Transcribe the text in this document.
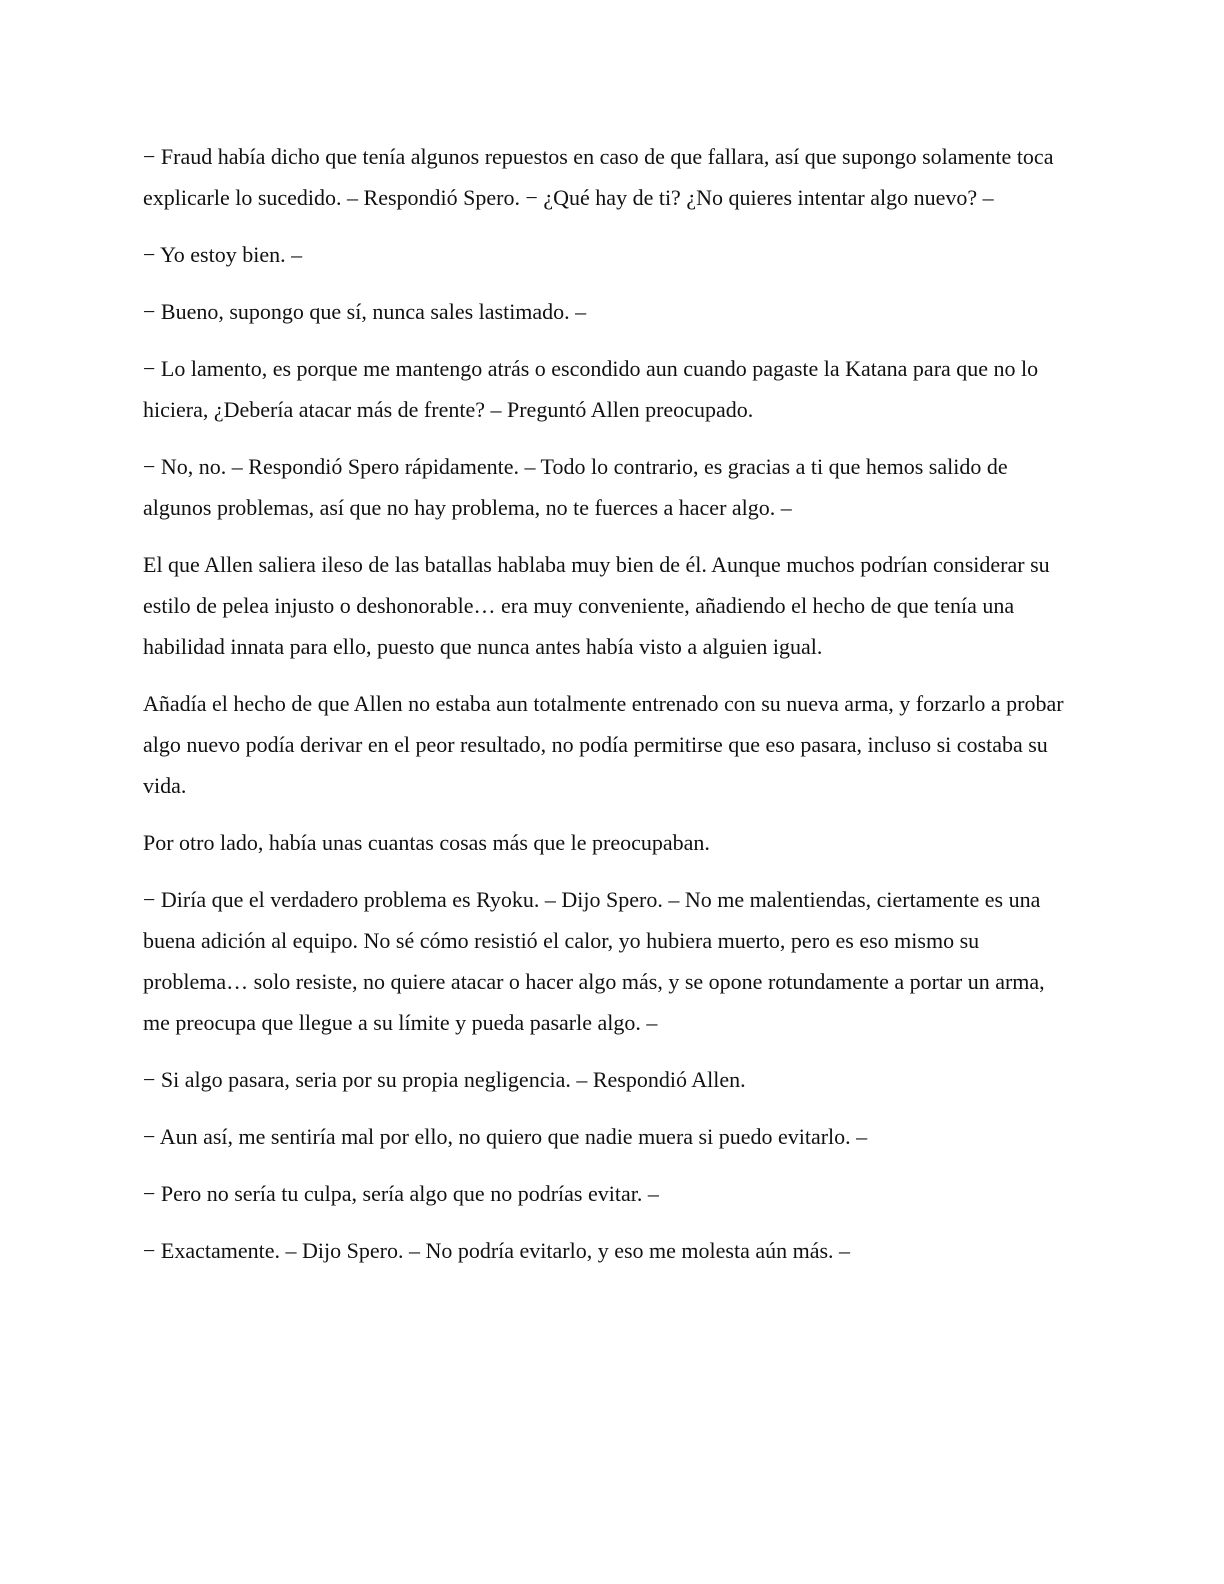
− Fraud había dicho que tenía algunos repuestos en caso de que fallara, así que supongo solamente toca explicarle lo sucedido. – Respondió Spero. − ¿Qué hay de ti? ¿No quieres intentar algo nuevo? –

− Yo estoy bien. –

− Bueno, supongo que sí, nunca sales lastimado. –

− Lo lamento, es porque me mantengo atrás o escondido aun cuando pagaste la Katana para que no lo hiciera, ¿Debería atacar más de frente? – Preguntó Allen preocupado.

− No, no. – Respondió Spero rápidamente. – Todo lo contrario, es gracias a ti que hemos salido de algunos problemas, así que no hay problema, no te fuerces a hacer algo. –

El que Allen saliera ileso de las batallas hablaba muy bien de él. Aunque muchos podrían considerar su estilo de pelea injusto o deshonorable… era muy conveniente, añadiendo el hecho de que tenía una habilidad innata para ello, puesto que nunca antes había visto a alguien igual.

Añadía el hecho de que Allen no estaba aun totalmente entrenado con su nueva arma, y forzarlo a probar algo nuevo podía derivar en el peor resultado, no podía permitirse que eso pasara, incluso si costaba su vida.

Por otro lado, había unas cuantas cosas más que le preocupaban.

− Diría que el verdadero problema es Ryoku. – Dijo Spero. – No me malentiendas, ciertamente es una buena adición al equipo. No sé cómo resistió el calor, yo hubiera muerto, pero es eso mismo su problema… solo resiste, no quiere atacar o hacer algo más, y se opone rotundamente a portar un arma, me preocupa que llegue a su límite y pueda pasarle algo. –

− Si algo pasara, seria por su propia negligencia. – Respondió Allen.

− Aun así, me sentiría mal por ello, no quiero que nadie muera si puedo evitarlo. –

− Pero no sería tu culpa, sería algo que no podrías evitar. –

− Exactamente. – Dijo Spero. – No podría evitarlo, y eso me molesta aún más. –
